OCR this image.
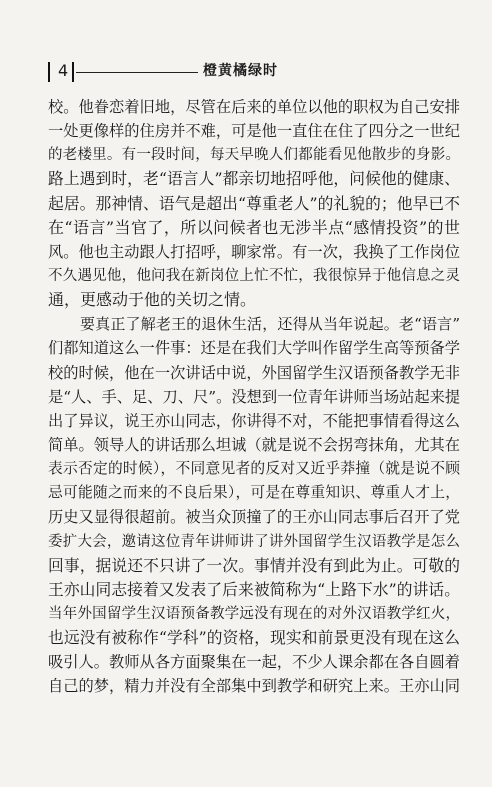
4	橙黄橘绿时
校。他眷恋着旧地，尽管在后来的单位以他的职权为自己安排
一处更像样的住房并不难，可是他一直住在住了四分之一世纪
的老楼里。有一段时间，每天早晚人们都能看见他散步的身影。
路上遇到时，老“语言人”都亲切地招呼他，问候他的健康、
起居。那神情、语气是超出“尊重老人”的礼貌的；他早已不
在“语言”当官了，所以问候者也无涉半点“感情投资”的世
风。他也主动跟人打招呼，聊家常。有一次，我换了工作岗位
不久遇见他，他问我在新岗位上忙不忙，我很惊异于他信息之灵
通，更感动于他的关切之情。
要真正了解老王的退休生活，还得从当年说起。老“语言”
们都知道这么一件事：还是在我们大学叫作留学生高等预备学
校的时候，他在一次讲话中说，外国留学生汉语预备教学无非
是“人、手、足、刀、尺”。没想到一位青年讲师当场站起来提
出了异议，说王亦山同志，你讲得不对，不能把事情看得这么
简单。领导人的讲话那么坦诚（就是说不会拐弯抹角，尤其在
表示否定的时候），不同意见者的反对又近乎莽撞（就是说不顾
忌可能随之而来的不良后果），可是在尊重知识、尊重人才上，
历史又显得很超前。被当众顶撞了的王亦山同志事后召开了党
委扩大会，邀请这位青年讲师讲了讲外国留学生汉语教学是怎么
回事，据说还不只讲了一次。事情并没有到此为止。可敬的
王亦山同志接着又发表了后来被简称为“上路下水”的讲话。
当年外国留学生汉语预备教学远没有现在的对外汉语教学红火，
也远没有被称作“学科”的资格，现实和前景更没有现在这么
吸引人。教师从各方面聚集在一起，不少人课余都在各自圆着
自己的梦，精力并没有全部集中到教学和研究上来。王亦山同
